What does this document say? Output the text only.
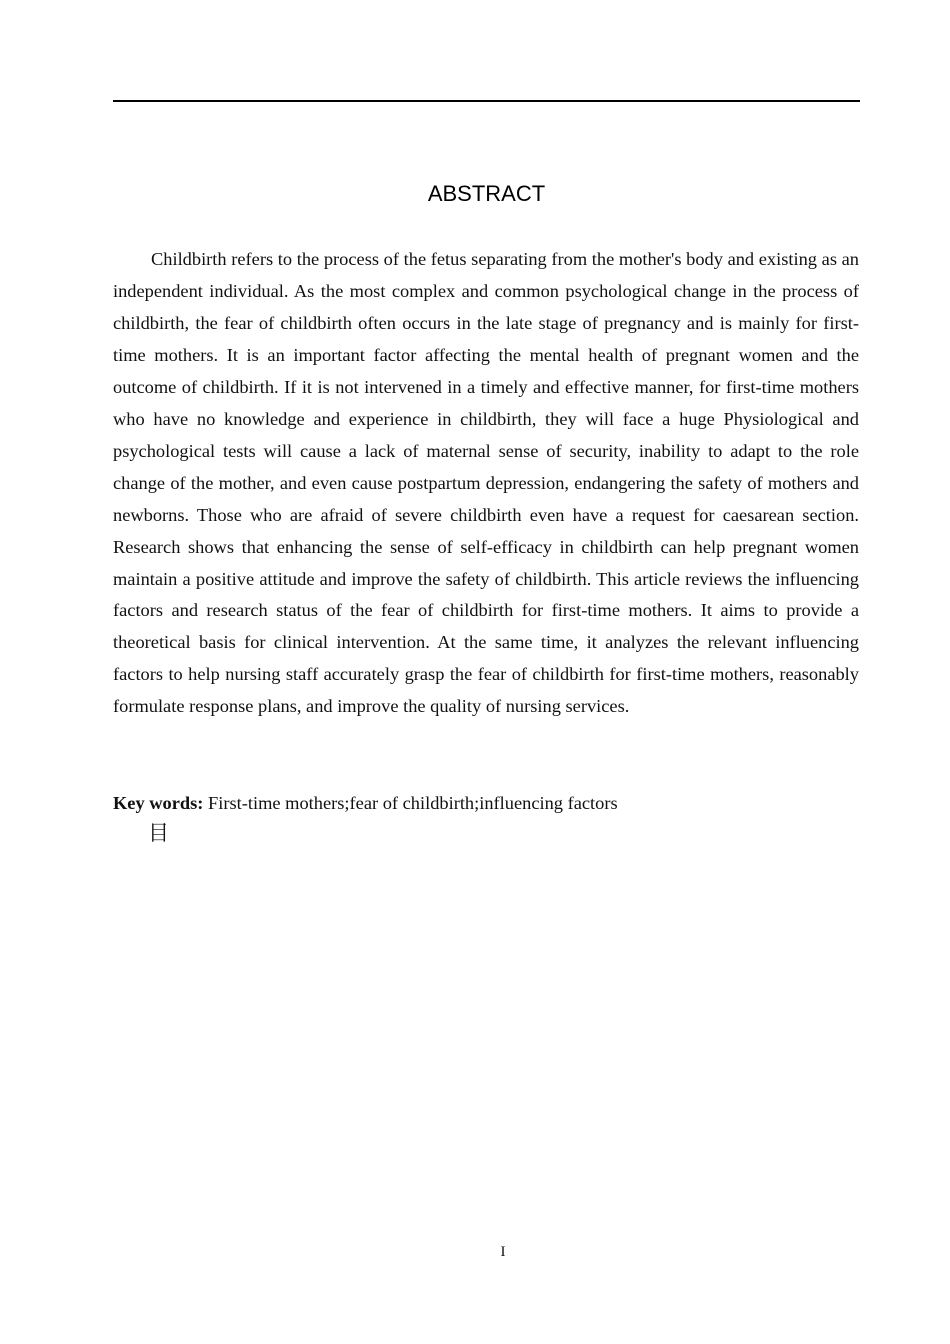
ABSTRACT

Childbirth refers to the process of the fetus separating from the mother's body and existing as an independent individual. As the most complex and common psychological change in the process of childbirth, the fear of childbirth often occurs in the late stage of pregnancy and is mainly for first-time mothers. It is an important factor affecting the mental health of pregnant women and the outcome of childbirth. If it is not intervened in a timely and effective manner, for first-time mothers who have no knowledge and experience in childbirth, they will face a huge Physiological and psychological tests will cause a lack of maternal sense of security, inability to adapt to the role change of the mother, and even cause postpartum depression, endangering the safety of mothers and newborns. Those who are afraid of severe childbirth even have a request for caesarean section. Research shows that enhancing the sense of self-efficacy in childbirth can help pregnant women maintain a positive attitude and improve the safety of childbirth. This article reviews the influencing factors and research status of the fear of childbirth for first-time mothers. It aims to provide a theoretical basis for clinical intervention. At the same time, it analyzes the relevant influencing factors to help nursing staff accurately grasp the fear of childbirth for first-time mothers, reasonably formulate response plans, and improve the quality of nursing services.

Key words: First-time mothers;fear of childbirth;influencing factors

目
I
